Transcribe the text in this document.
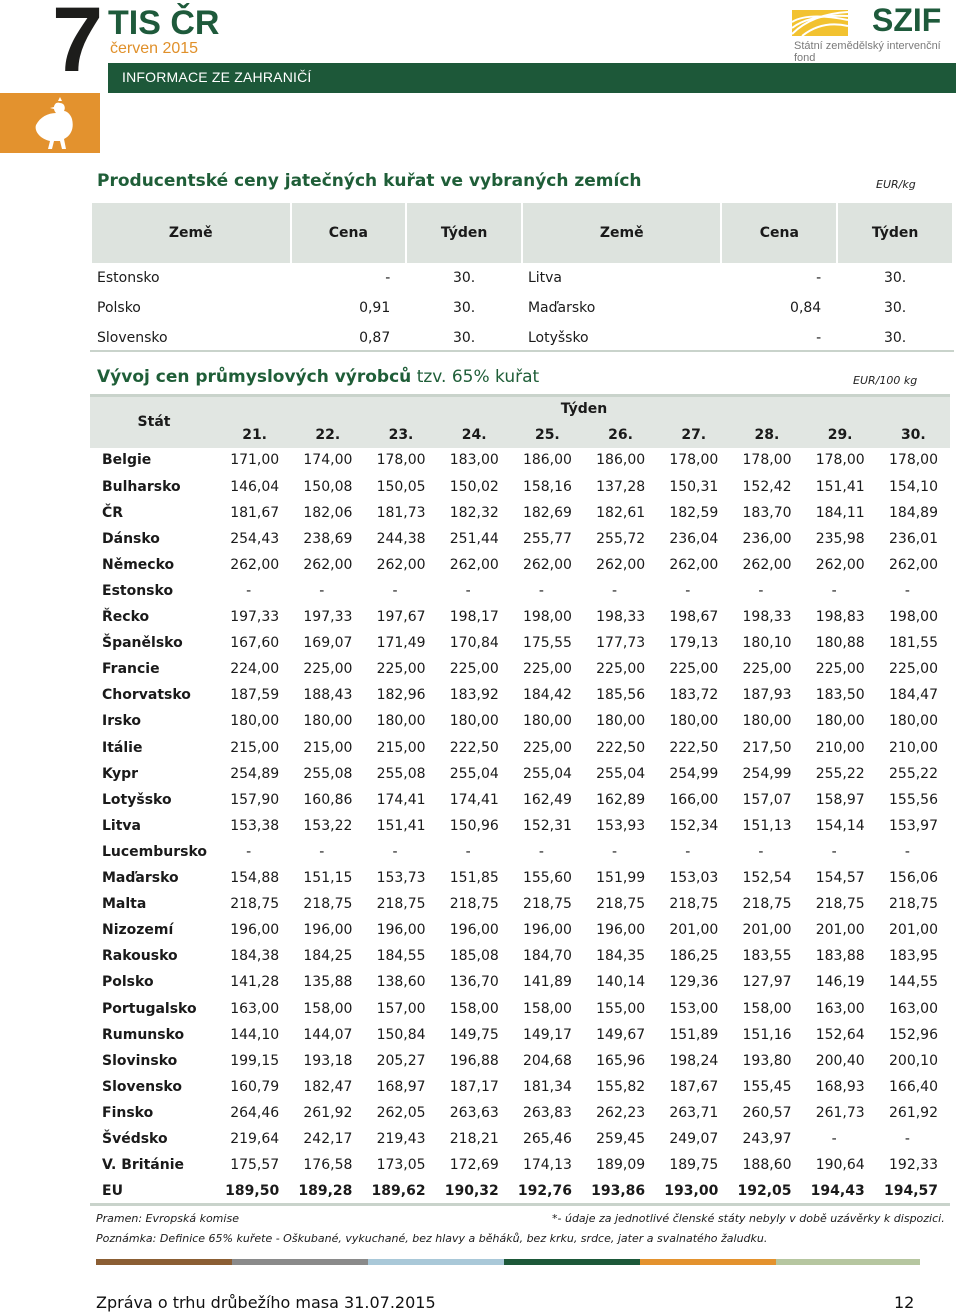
7 TIS ČR
červen 2015
INFORMACE ZE ZAHRANIČÍ
SZIF
Státní zemědělský intervenční fond
Producentské ceny jatečných kuřat ve vybraných zemích	EUR/kg
Země	Cena	Týden	Země	Cena	Týden
Estonsko	-	30.	Litva	-	30.
Polsko	0,91	30.	Maďarsko	0,84	30.
Slovensko	0,87	30.	Lotyšsko	-	30.
Vývoj cen průmyslových výrobců tzv. 65% kuřat	EUR/100 kg
Stát	Týden									
	21.	22.	23.	24.	25.	26.	27.	28.	29.	30.
Belgie	171,00	174,00	178,00	183,00	186,00	186,00	178,00	178,00	178,00	178,00
Bulharsko	146,04	150,08	150,05	150,02	158,16	137,28	150,31	152,42	151,41	154,10
ČR	181,67	182,06	181,73	182,32	182,69	182,61	182,59	183,70	184,11	184,89
Dánsko	254,43	238,69	244,38	251,44	255,77	255,72	236,04	236,00	235,98	236,01
Německo	262,00	262,00	262,00	262,00	262,00	262,00	262,00	262,00	262,00	262,00
Estonsko	-	-	-	-	-	-	-	-	-	-
Řecko	197,33	197,33	197,67	198,17	198,00	198,33	198,67	198,33	198,83	198,00
Španělsko	167,60	169,07	171,49	170,84	175,55	177,73	179,13	180,10	180,88	181,55
Francie	224,00	225,00	225,00	225,00	225,00	225,00	225,00	225,00	225,00	225,00
Chorvatsko	187,59	188,43	182,96	183,92	184,42	185,56	183,72	187,93	183,50	184,47
Irsko	180,00	180,00	180,00	180,00	180,00	180,00	180,00	180,00	180,00	180,00
Itálie	215,00	215,00	215,00	222,50	225,00	222,50	222,50	217,50	210,00	210,00
Kypr	254,89	255,08	255,08	255,04	255,04	255,04	254,99	254,99	255,22	255,22
Lotyšsko	157,90	160,86	174,41	174,41	162,49	162,89	166,00	157,07	158,97	155,56
Litva	153,38	153,22	151,41	150,96	152,31	153,93	152,34	151,13	154,14	153,97
Lucembursko	-	-	-	-	-	-	-	-	-	-
Maďarsko	154,88	151,15	153,73	151,85	155,60	151,99	153,03	152,54	154,57	156,06
Malta	218,75	218,75	218,75	218,75	218,75	218,75	218,75	218,75	218,75	218,75
Nizozemí	196,00	196,00	196,00	196,00	196,00	196,00	201,00	201,00	201,00	201,00
Rakousko	184,38	184,25	184,55	185,08	184,70	184,35	186,25	183,55	183,88	183,95
Polsko	141,28	135,88	138,60	136,70	141,89	140,14	129,36	127,97	146,19	144,55
Portugalsko	163,00	158,00	157,00	158,00	158,00	155,00	153,00	158,00	163,00	163,00
Rumunsko	144,10	144,07	150,84	149,75	149,17	149,67	151,89	151,16	152,64	152,96
Slovinsko	199,15	193,18	205,27	196,88	204,68	165,96	198,24	193,80	200,40	200,10
Slovensko	160,79	182,47	168,97	187,17	181,34	155,82	187,67	155,45	168,93	166,40
Finsko	264,46	261,92	262,05	263,63	263,83	262,23	263,71	260,57	261,73	261,92
Švédsko	219,64	242,17	219,43	218,21	265,46	259,45	249,07	243,97	-	-
V. Británie	175,57	176,58	173,05	172,69	174,13	189,09	189,75	188,60	190,64	192,33
EU	189,50	189,28	189,62	190,32	192,76	193,86	193,00	192,05	194,43	194,57
Pramen: Evropská komise	*- údaje za jednotlivé členské státy nebyly v době uzávěrky k dispozici.
Poznámka: Definice 65% kuřete - Oškubané, vykuchané, bez hlavy a běháků, bez krku, srdce, jater a svalnatého žaludku.
Zpráva o trhu drůbežího masa 31.07.2015	12
